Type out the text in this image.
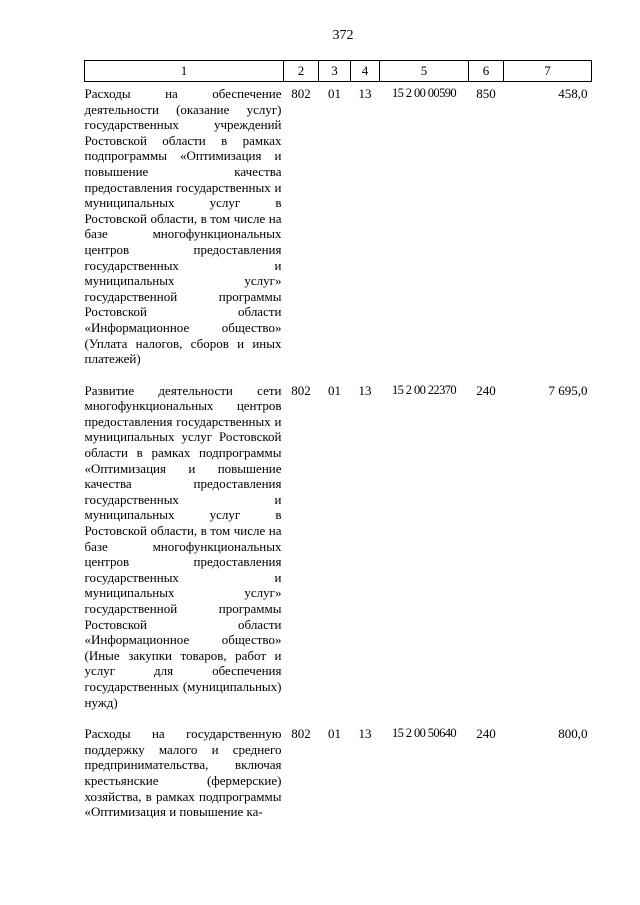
372
1	2	3	4	5	6	7
Расходы на обеспечение деятельности (оказание услуг) государственных учреждений Ростовской области в рамках подпрограммы «Оптимизация и повышение качества предоставления государственных и муниципальных услуг в Ростовской области, в том числе на базе многофункциональных центров предоставления государственных и муниципальных услуг» государственной программы Ростовской области «Информационное общество» (Уплата налогов, сборов и иных платежей)	802	01	13	15 2 00 00590	850	458,0
Развитие деятельности сети многофункциональных центров предоставления государственных и муниципальных услуг Ростовской области в рамках подпрограммы «Оптимизация и повышение качества предоставления государственных и муниципальных услуг в Ростовской области, в том числе на базе многофункциональных центров предоставления государственных и муниципальных услуг» государственной программы Ростовской области «Информационное общество» (Иные закупки товаров, работ и услуг для обеспечения государственных (муниципальных) нужд)	802	01	13	15 2 00 22370	240	7 695,0
Расходы на государственную поддержку малого и среднего предпринимательства, включая крестьянские (фермерские) хозяйства, в рамках подпрограммы «Оптимизация и повышение ка-	802	01	13	15 2 00 50640	240	800,0
